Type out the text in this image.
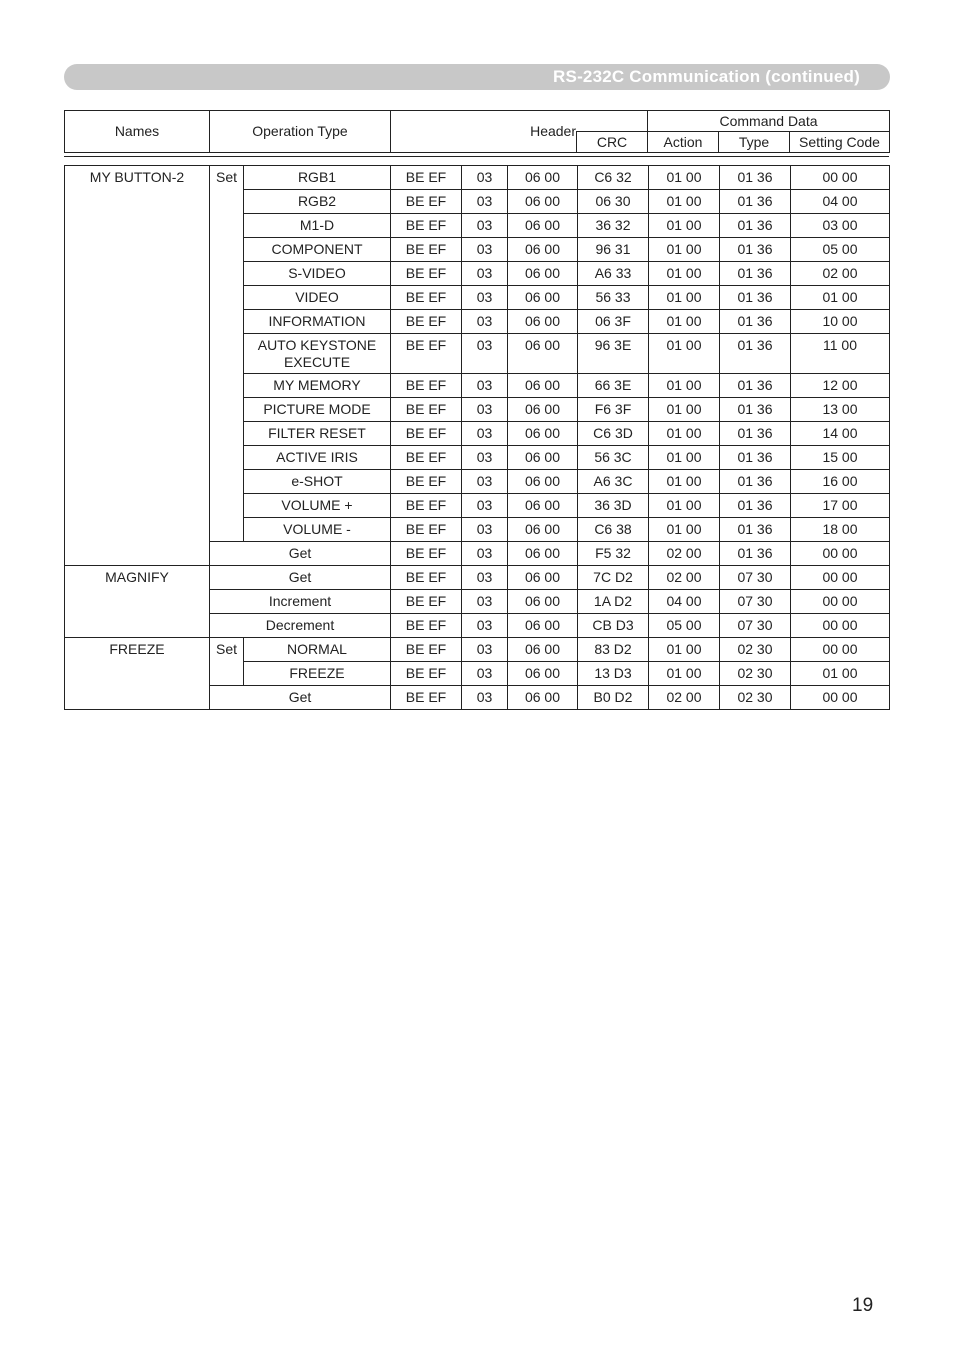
RS-232C Communication (continued)
Names	Operation Type	Header		Command Data		
			CRC	Action	Type	Setting Code
MY BUTTON-2	Set	RGB1	BE EF	03	06 00	C6 32	01 00	01 36	00 00
		RGB2	BE EF	03	06 00	06 30	01 00	01 36	04 00
		M1-D	BE EF	03	06 00	36 32	01 00	01 36	03 00
		COMPONENT	BE EF	03	06 00	96 31	01 00	01 36	05 00
		S-VIDEO	BE EF	03	06 00	A6 33	01 00	01 36	02 00
		VIDEO	BE EF	03	06 00	56 33	01 00	01 36	01 00
		INFORMATION	BE EF	03	06 00	06 3F	01 00	01 36	10 00
		AUTO KEYSTONE EXECUTE	BE EF	03	06 00	96 3E	01 00	01 36	11 00
		MY MEMORY	BE EF	03	06 00	66 3E	01 00	01 36	12 00
		PICTURE MODE	BE EF	03	06 00	F6 3F	01 00	01 36	13 00
		FILTER RESET	BE EF	03	06 00	C6 3D	01 00	01 36	14 00
		ACTIVE IRIS	BE EF	03	06 00	56 3C	01 00	01 36	15 00
		e-SHOT	BE EF	03	06 00	A6 3C	01 00	01 36	16 00
		VOLUME +	BE EF	03	06 00	36 3D	01 00	01 36	17 00
		VOLUME -	BE EF	03	06 00	C6 38	01 00	01 36	18 00
	Get		BE EF	03	06 00	F5 32	02 00	01 36	00 00
MAGNIFY	Get		BE EF	03	06 00	7C D2	02 00	07 30	00 00
	Increment		BE EF	03	06 00	1A D2	04 00	07 30	00 00
	Decrement		BE EF	03	06 00	CB D3	05 00	07 30	00 00
FREEZE	Set	NORMAL	BE EF	03	06 00	83 D2	01 00	02 30	00 00
		FREEZE	BE EF	03	06 00	13 D3	01 00	02 30	01 00
	Get		BE EF	03	06 00	B0 D2	02 00	02 30	00 00
19
